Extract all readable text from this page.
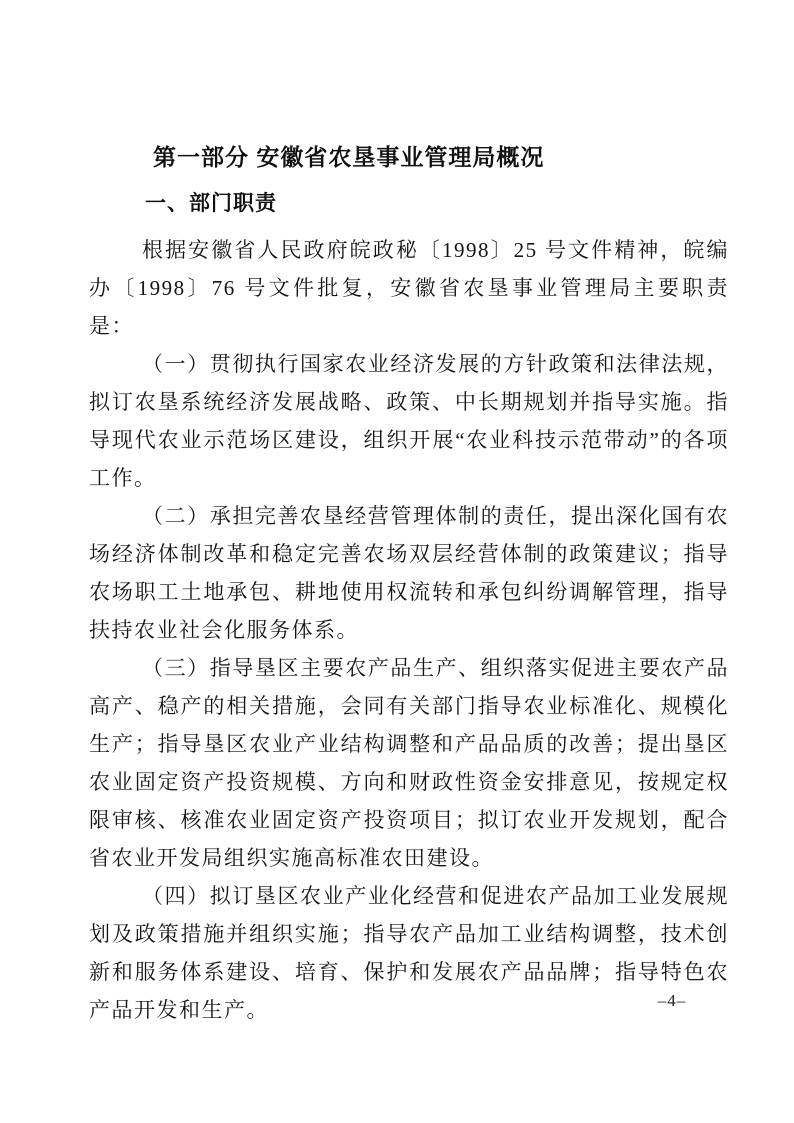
第一部分 安徽省农垦事业管理局概况
一、部门职责

根据安徽省人民政府皖政秘〔1998〕25 号文件精神，皖编办〔1998〕76 号文件批复，安徽省农垦事业管理局主要职责是：

（一）贯彻执行国家农业经济发展的方针政策和法律法规，拟订农垦系统经济发展战略、政策、中长期规划并指导实施。指导现代农业示范场区建设，组织开展“农业科技示范带动”的各项工作。

（二）承担完善农垦经营管理体制的责任，提出深化国有农场经济体制改革和稳定完善农场双层经营体制的政策建议；指导农场职工土地承包、耕地使用权流转和承包纠纷调解管理，指导扶持农业社会化服务体系。

（三）指导垦区主要农产品生产、组织落实促进主要农产品高产、稳产的相关措施，会同有关部门指导农业标准化、规模化生产；指导垦区农业产业结构调整和产品品质的改善；提出垦区农业固定资产投资规模、方向和财政性资金安排意见，按规定权限审核、核准农业固定资产投资项目；拟订农业开发规划，配合省农业开发局组织实施高标准农田建设。

（四）拟订垦区农业产业化经营和促进农产品加工业发展规划及政策措施并组织实施；指导农产品加工业结构调整，技术创新和服务体系建设、培育、保护和发展农产品品牌；指导特色农产品开发和生产。	–4–
